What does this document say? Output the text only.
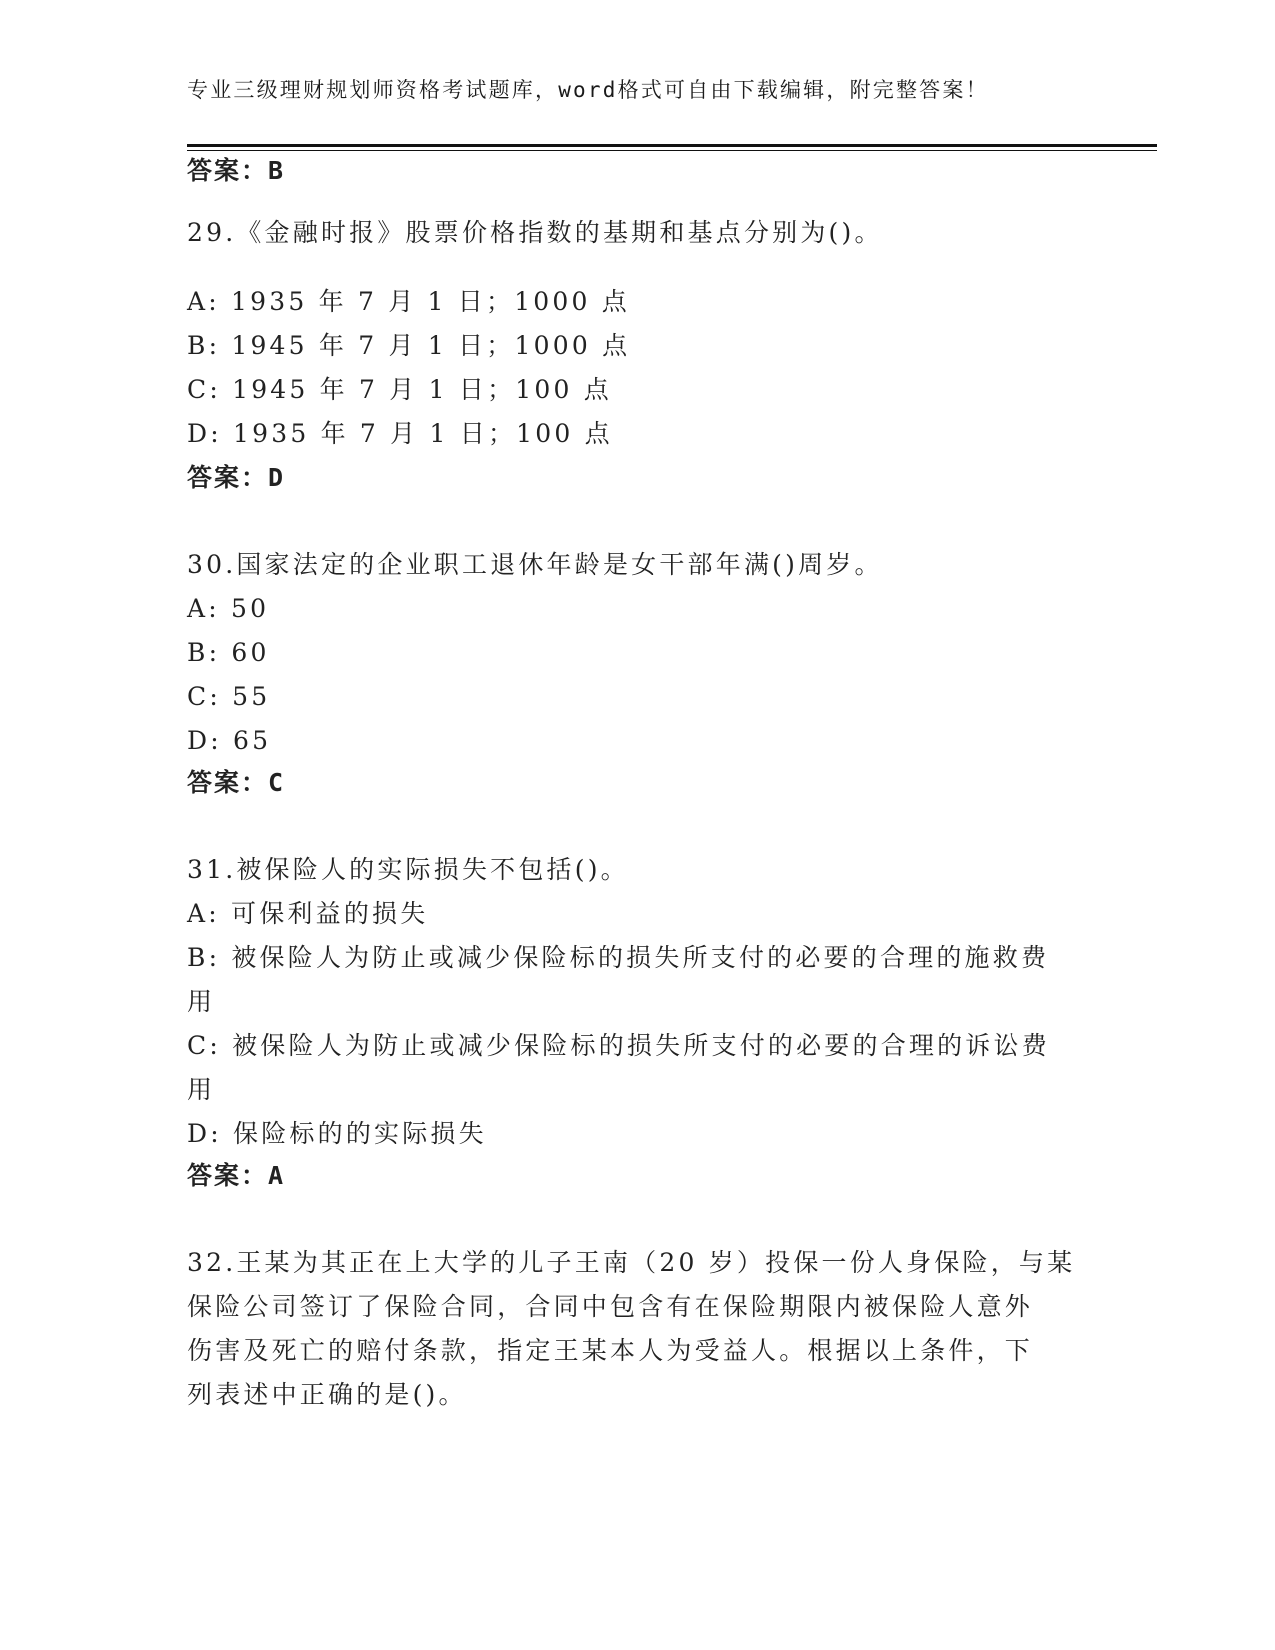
专业三级理财规划师资格考试题库，word格式可自由下载编辑，附完整答案！
答案：B
29.《金融时报》股票价格指数的基期和基点分别为()。
A: 1935 年 7 月 1 日；1000 点
B: 1945 年 7 月 1 日；1000 点
C: 1945 年 7 月 1 日；100 点
D: 1935 年 7 月 1 日；100 点
答案：D
30.国家法定的企业职工退休年龄是女干部年满()周岁。
A: 50
B: 60
C: 55
D: 65
答案：C
31.被保险人的实际损失不包括()。
A: 可保利益的损失
B: 被保险人为防止或减少保险标的损失所支付的必要的合理的施救费
用
C: 被保险人为防止或减少保险标的损失所支付的必要的合理的诉讼费
用
D: 保险标的的实际损失
答案：A
32.王某为其正在上大学的儿子王南（20 岁）投保一份人身保险，与某
保险公司签订了保险合同，合同中包含有在保险期限内被保险人意外
伤害及死亡的赔付条款，指定王某本人为受益人。根据以上条件，下
列表述中正确的是()。
